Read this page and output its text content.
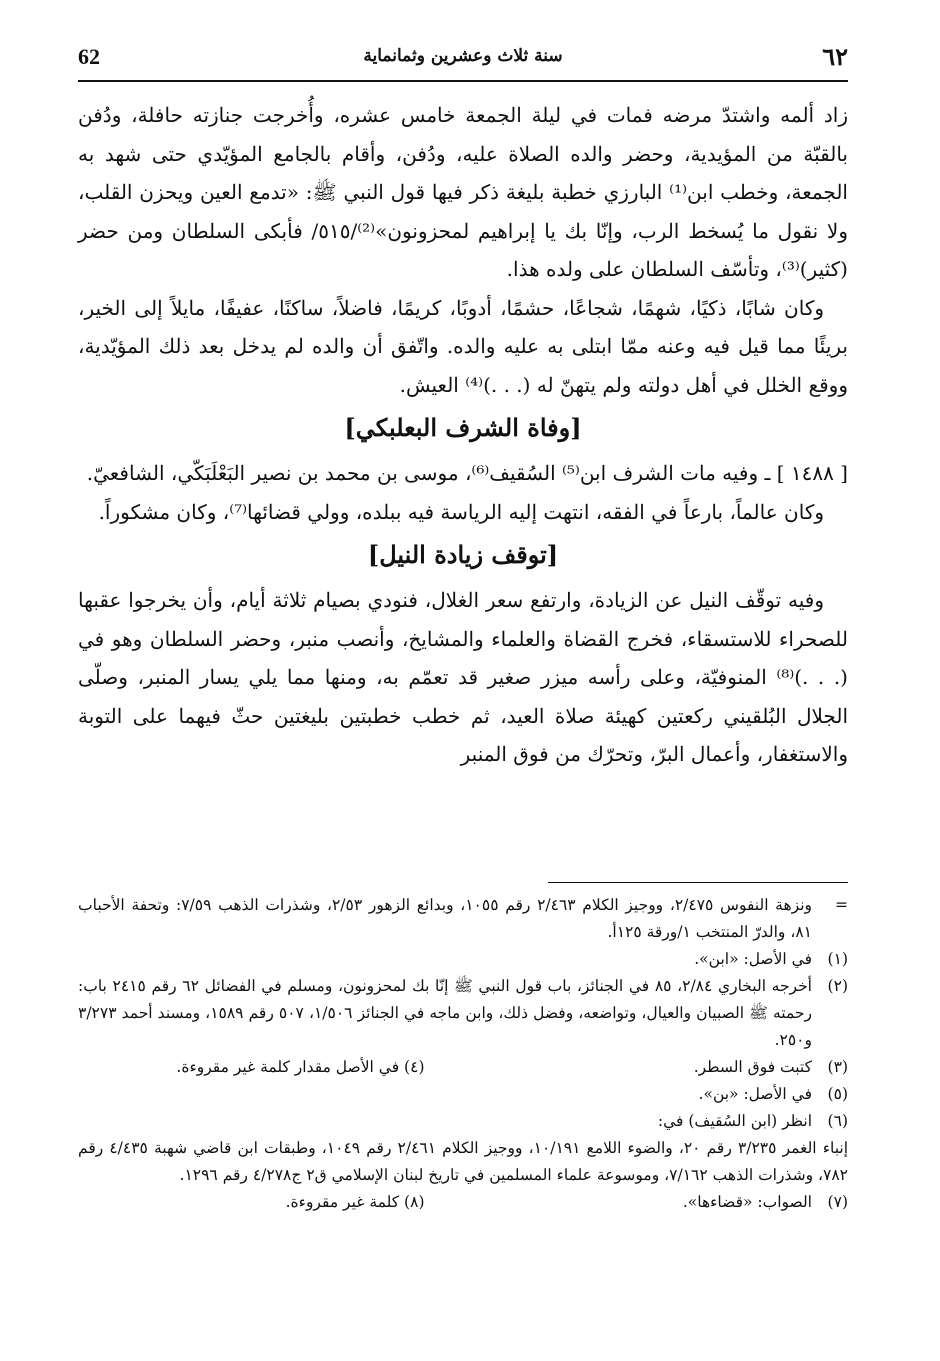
62	سنة ثلاث وعشرين وثمانماية	٦٢

زاد ألمه واشتدّ مرضه فمات في ليلة الجمعة خامس عشره، وأُخرجت جنازته حافلة، ودُفن بالقبّة من المؤيدية، وحضر والده الصلاة عليه، ودُفن، وأقام بالجامع المؤيّدي حتى شهد به الجمعة، وخطب ابن⁽¹⁾ البارزي خطبة بليغة ذكر فيها قول النبي ﷺ: «تدمع العين ويحزن القلب، ولا نقول ما يُسخط الرب، وإنّا بك يا إبراهيم لمحزونون»⁽²⁾/٥١٥/ فأبكى السلطان ومن حضر (كثير)⁽³⁾، وتأسّف السلطان على ولده هذا.

وكان شابًا، ذكيًا، شهمًا، شجاعًا، حشمًا، أدوبًا، كريمًا، فاضلاً، ساكنًا، عفيفًا، مايلاً إلى الخير، بريئًا مما قيل فيه وعنه ممّا ابتلى به عليه والده. واتّفق أن والده لم يدخل بعد ذلك المؤيّدية، ووقع الخلل في أهل دولته ولم يتهنّ له (. . .)⁽⁴⁾ العيش.

[وفاة الشرف البعلبكي]

[ ١٤٨٨ ] ـ وفيه مات الشرف ابن⁽⁵⁾ السُقيف⁽⁶⁾، موسى بن محمد بن نصير البَعْلَبَكّي، الشافعيّ.

وكان عالماً، بارعاً في الفقه، انتهت إليه الرياسة فيه ببلده، وولي قضائها⁽⁷⁾، وكان مشكوراً.

[توقف زيادة النيل]

وفيه توقّف النيل عن الزيادة، وارتفع سعر الغلال، فنودي بصيام ثلاثة أيام، وأن يخرجوا عقبها للصحراء للاستسقاء، فخرج القضاة والعلماء والمشايخ، وأنصب منبر، وحضر السلطان وهو في (. . .)⁽⁸⁾ المنوفيّة، وعلى رأسه ميزر صغير قد تعمّم به، ومنها مما يلي يسار المنبر، وصلّى الجلال البُلقيني ركعتين كهيئة صلاة العيد، ثم خطب خطبتين بليغتين حثّ فيهما على التوبة والاستغفار، وأعمال البرّ، وتحرّك من فوق المنبر

=
ونزهة النفوس ٢/٤٧٥، ووجيز الكلام ٢/٤٦٣ رقم ١٠٥٥، وبدائع الزهور ٢/٥٣، وشذرات الذهب ٧/٥٩: وتحفة الأحباب ٨١، والدرّ المنتخب ١/ورقة ١٢٥أ.
(١)
في الأصل: «ابن».
(٢)
أخرجه البخاري ٢/٨٤، ٨٥ في الجنائز، باب قول النبي ﷺ إنّا بك لمحزونون، ومسلم في الفضائل ٦٢ رقم ٢٤١٥ باب: رحمته ﷺ الصبيان والعيال، وتواضعه، وفضل ذلك، وابن ماجه في الجنائز ١/٥٠٦، ٥٠٧ رقم ١٥٨٩، ومسند أحمد ٣/٢٧٣ و٢٥٠.
(٣)
كتبت فوق السطر.
(٤) في الأصل مقدار كلمة غير مقروءة.
(٥)
في الأصل: «بن».
(٦)
انظر (ابن السُقيف) في:
إنباء الغمر ٣/٢٣٥ رقم ٢٠، والضوء اللامع ١٠/١٩١، ووجيز الكلام ٢/٤٦١ رقم ١٠٤٩، وطبقات ابن قاضي شهبة ٤/٤٣٥ رقم ٧٨٢، وشذرات الذهب ٧/١٦٢، وموسوعة علماء المسلمين في تاريخ لبنان الإسلامي ق٢ ج٤/٢٧٨ رقم ١٢٩٦.
(٧)
الصواب: «قضاءها».
(٨) كلمة غير مقروءة.
